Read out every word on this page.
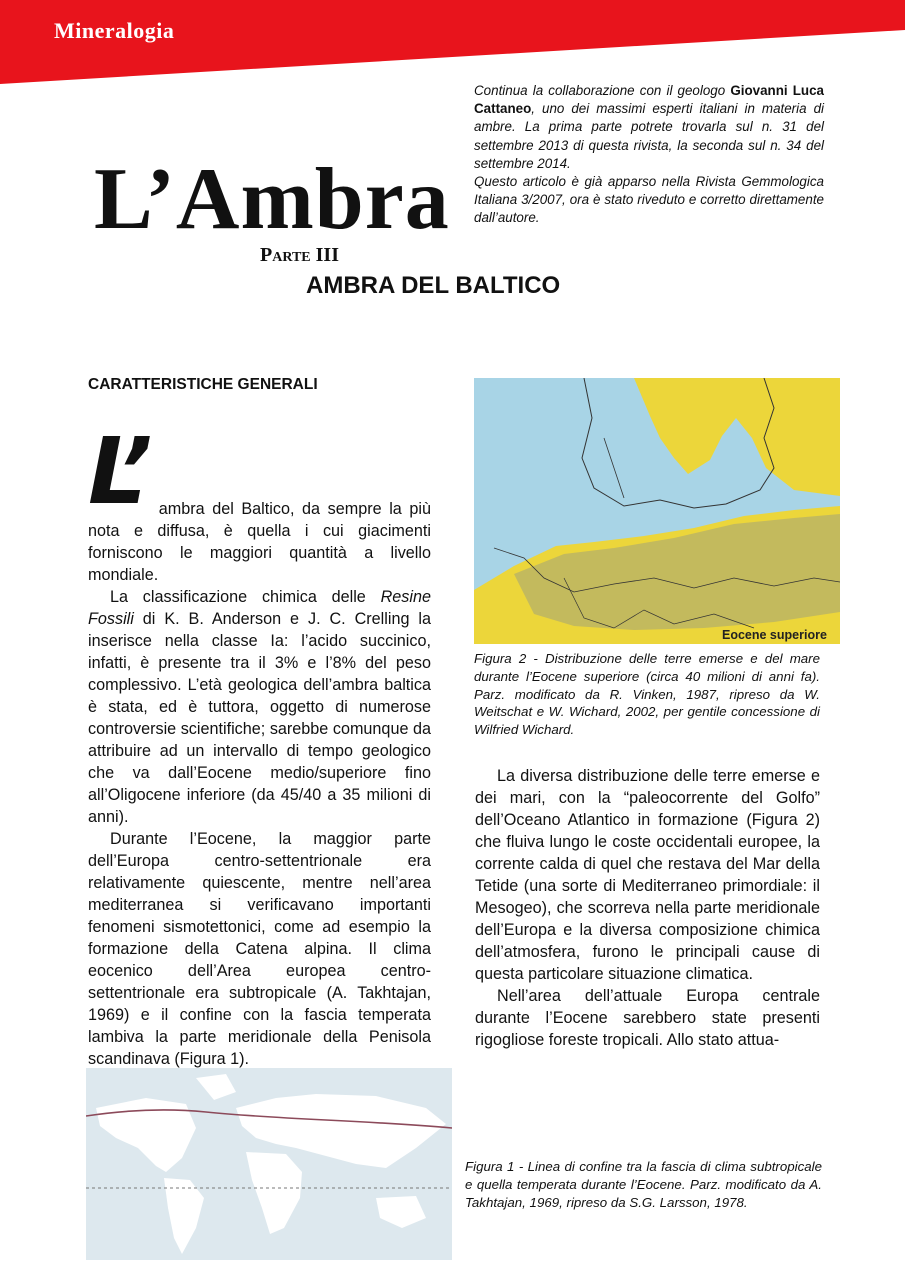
Mineralogia

Continua la collaborazione con il geologo Giovanni Luca Cattaneo, uno dei massimi esperti italiani in materia di ambre. La prima parte potrete trovarla sul n. 31 del settembre 2013 di questa rivista, la seconda sul n. 34 del settembre 2014.

Questo articolo è già apparso nella Rivista Gemmologica Italiana 3/2007, ora è stato riveduto e corretto direttamente dall’autore.

L’Ambra
Parte III
AMBRA DEL BALTICO
CARATTERISTICHE GENERALI
L’ ambra del Baltico, da sempre la più nota e diffusa, è quella i cui giacimenti forniscono le maggiori quantità a livello mondiale.

La classificazione chimica delle Resine Fossili di K. B. Anderson e J. C. Crelling la inserisce nella classe Ia: l’acido succinico, infatti, è presente tra il 3% e l’8% del peso complessivo. L’età geologica dell’ambra baltica è stata, ed è tuttora, oggetto di numerose controversie scientifiche; sarebbe comunque da attribuire ad un intervallo di tempo geologico che va dall’Eocene medio/superiore fino all’Oligocene inferiore (da 45/40 a 35 milioni di anni).

Durante l’Eocene, la maggior parte dell’Europa centro-settentrionale era relativamente quiescente, mentre nell’area mediterranea si verificavano importanti fenomeni sismotettonici, come ad esempio la formazione della Catena alpina. Il clima eocenico dell’Area europea centro-settentrionale era subtropicale (A. Takhtajan, 1969) e il confine con la fascia temperata lambiva la parte meridionale della Penisola scandinava (Figura 1).

Eocene superiore
Figura 2 - Distribuzione delle terre emerse e del mare durante l’Eocene superiore (circa 40 milioni di anni fa). Parz. modificato da R. Vinken, 1987, ripreso da W. Weitschat e W. Wichard, 2002, per gentile concessione di Wilfried Wichard.

La diversa distribuzione delle terre emerse e dei mari, con la “paleocorrente del Golfo” dell’Oceano Atlantico in formazione (Figura 2) che fluiva lungo le coste occidentali europee, la corrente calda di quel che restava del Mar della Tetide (una sorte di Mediterraneo primordiale: il Mesogeo), che scorreva nella parte meridionale dell’Europa e la diversa composizione chimica dell’atmosfera, furono le principali cause di questa particolare situazione climatica.

Nell’area dell’attuale Europa centrale durante l’Eocene sarebbero state presenti rigogliose foreste tropicali. Allo stato attua-

Figura 1 - Linea di confine tra la fascia di clima subtropicale e quella temperata durante l’Eocene. Parz. modificato da A. Takhtajan, 1969, ripreso da S.G. Larsson, 1978.
